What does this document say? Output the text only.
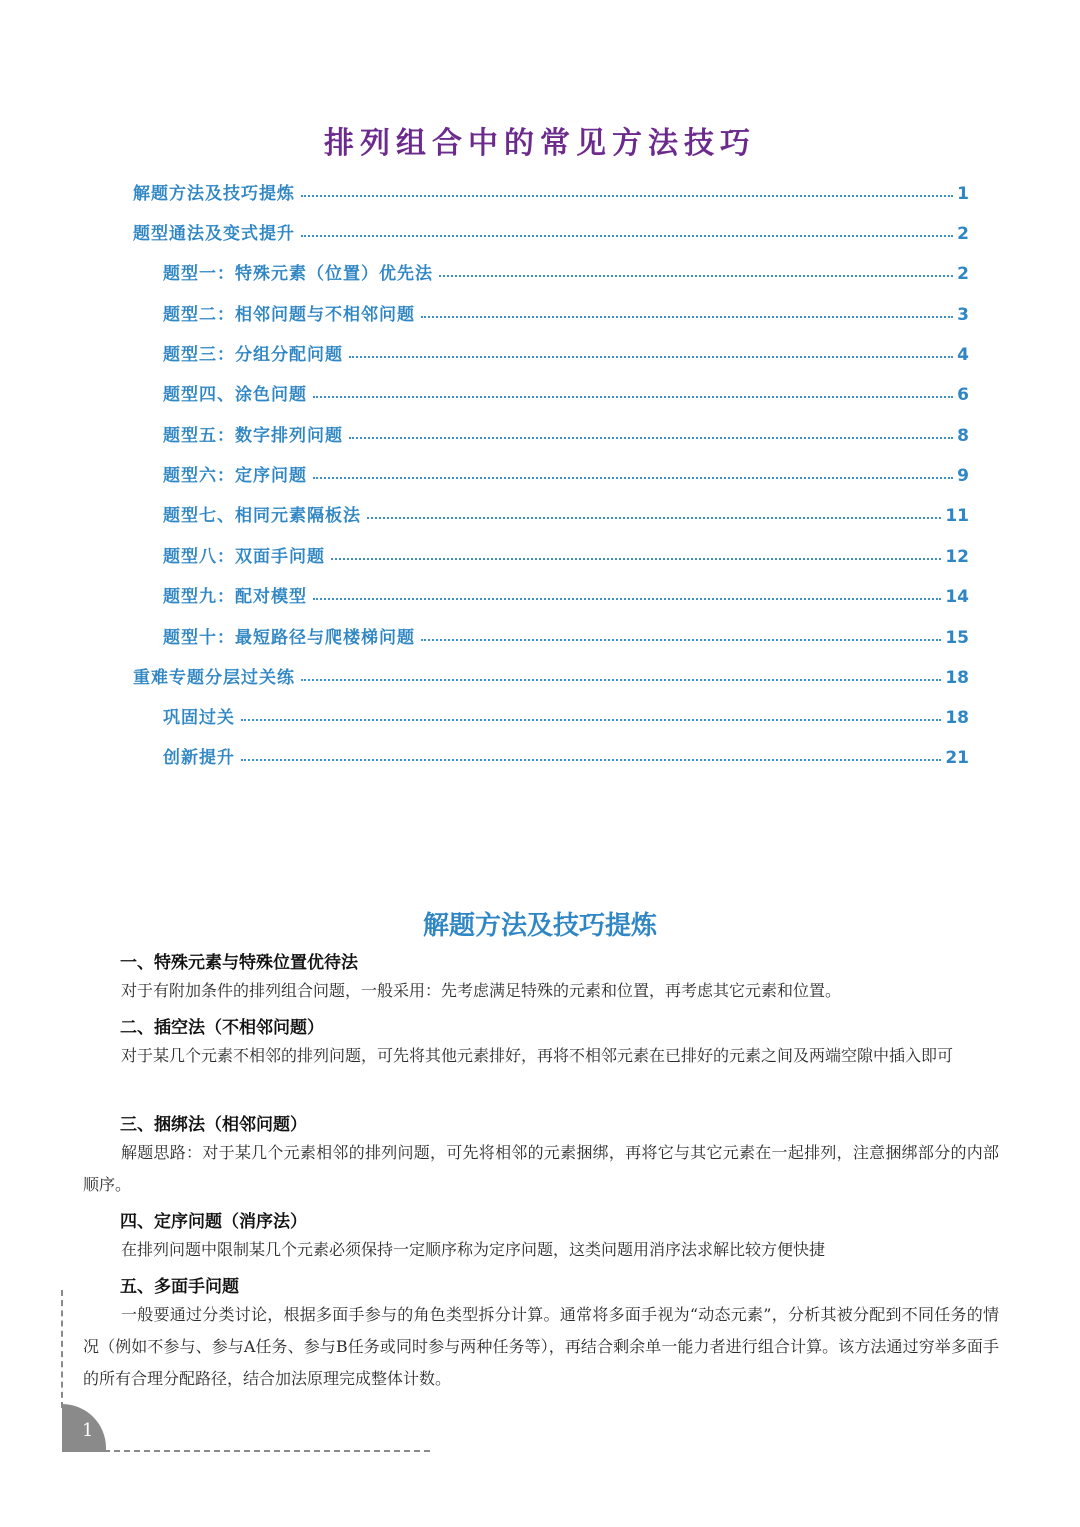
排列组合中的常见方法技巧
解题方法及技巧提炼	1
题型通法及变式提升	2
题型一：特殊元素（位置）优先法	2
题型二：相邻问题与不相邻问题	3
题型三：分组分配问题	4
题型四、涂色问题	6
题型五：数字排列问题	8
题型六：定序问题	9
题型七、相同元素隔板法	11
题型八：双面手问题	12
题型九：配对模型	14
题型十：最短路径与爬楼梯问题	15
重难专题分层过关练	18
巩固过关	18
创新提升	21
解题方法及技巧提炼
一、特殊元素与特殊位置优待法
对于有附加条件的排列组合问题，一般采用：先考虑满足特殊的元素和位置，再考虑其它元素和位置。
二、插空法（不相邻问题）
对于某几个元素不相邻的排列问题，可先将其他元素排好，再将不相邻元素在已排好的元素之间及两端空隙中插入即可
三、捆绑法（相邻问题）
解题思路：对于某几个元素相邻的排列问题，可先将相邻的元素捆绑，再将它与其它元素在一起排列，注意捆绑部分的内部顺序。
四、定序问题（消序法）
在排列问题中限制某几个元素必须保持一定顺序称为定序问题，这类问题用消序法求解比较方便快捷
五、多面手问题
一般要通过分类讨论，根据多面手参与的角色类型拆分计算。通常将多面手视为“动态元素”，分析其被分配到不同任务的情况（例如不参与、参与A任务、参与B任务或同时参与两种任务等），再结合剩余单一能力者进行组合计算。该方法通过穷举多面手的所有合理分配路径，结合加法原理完成整体计数。
1
